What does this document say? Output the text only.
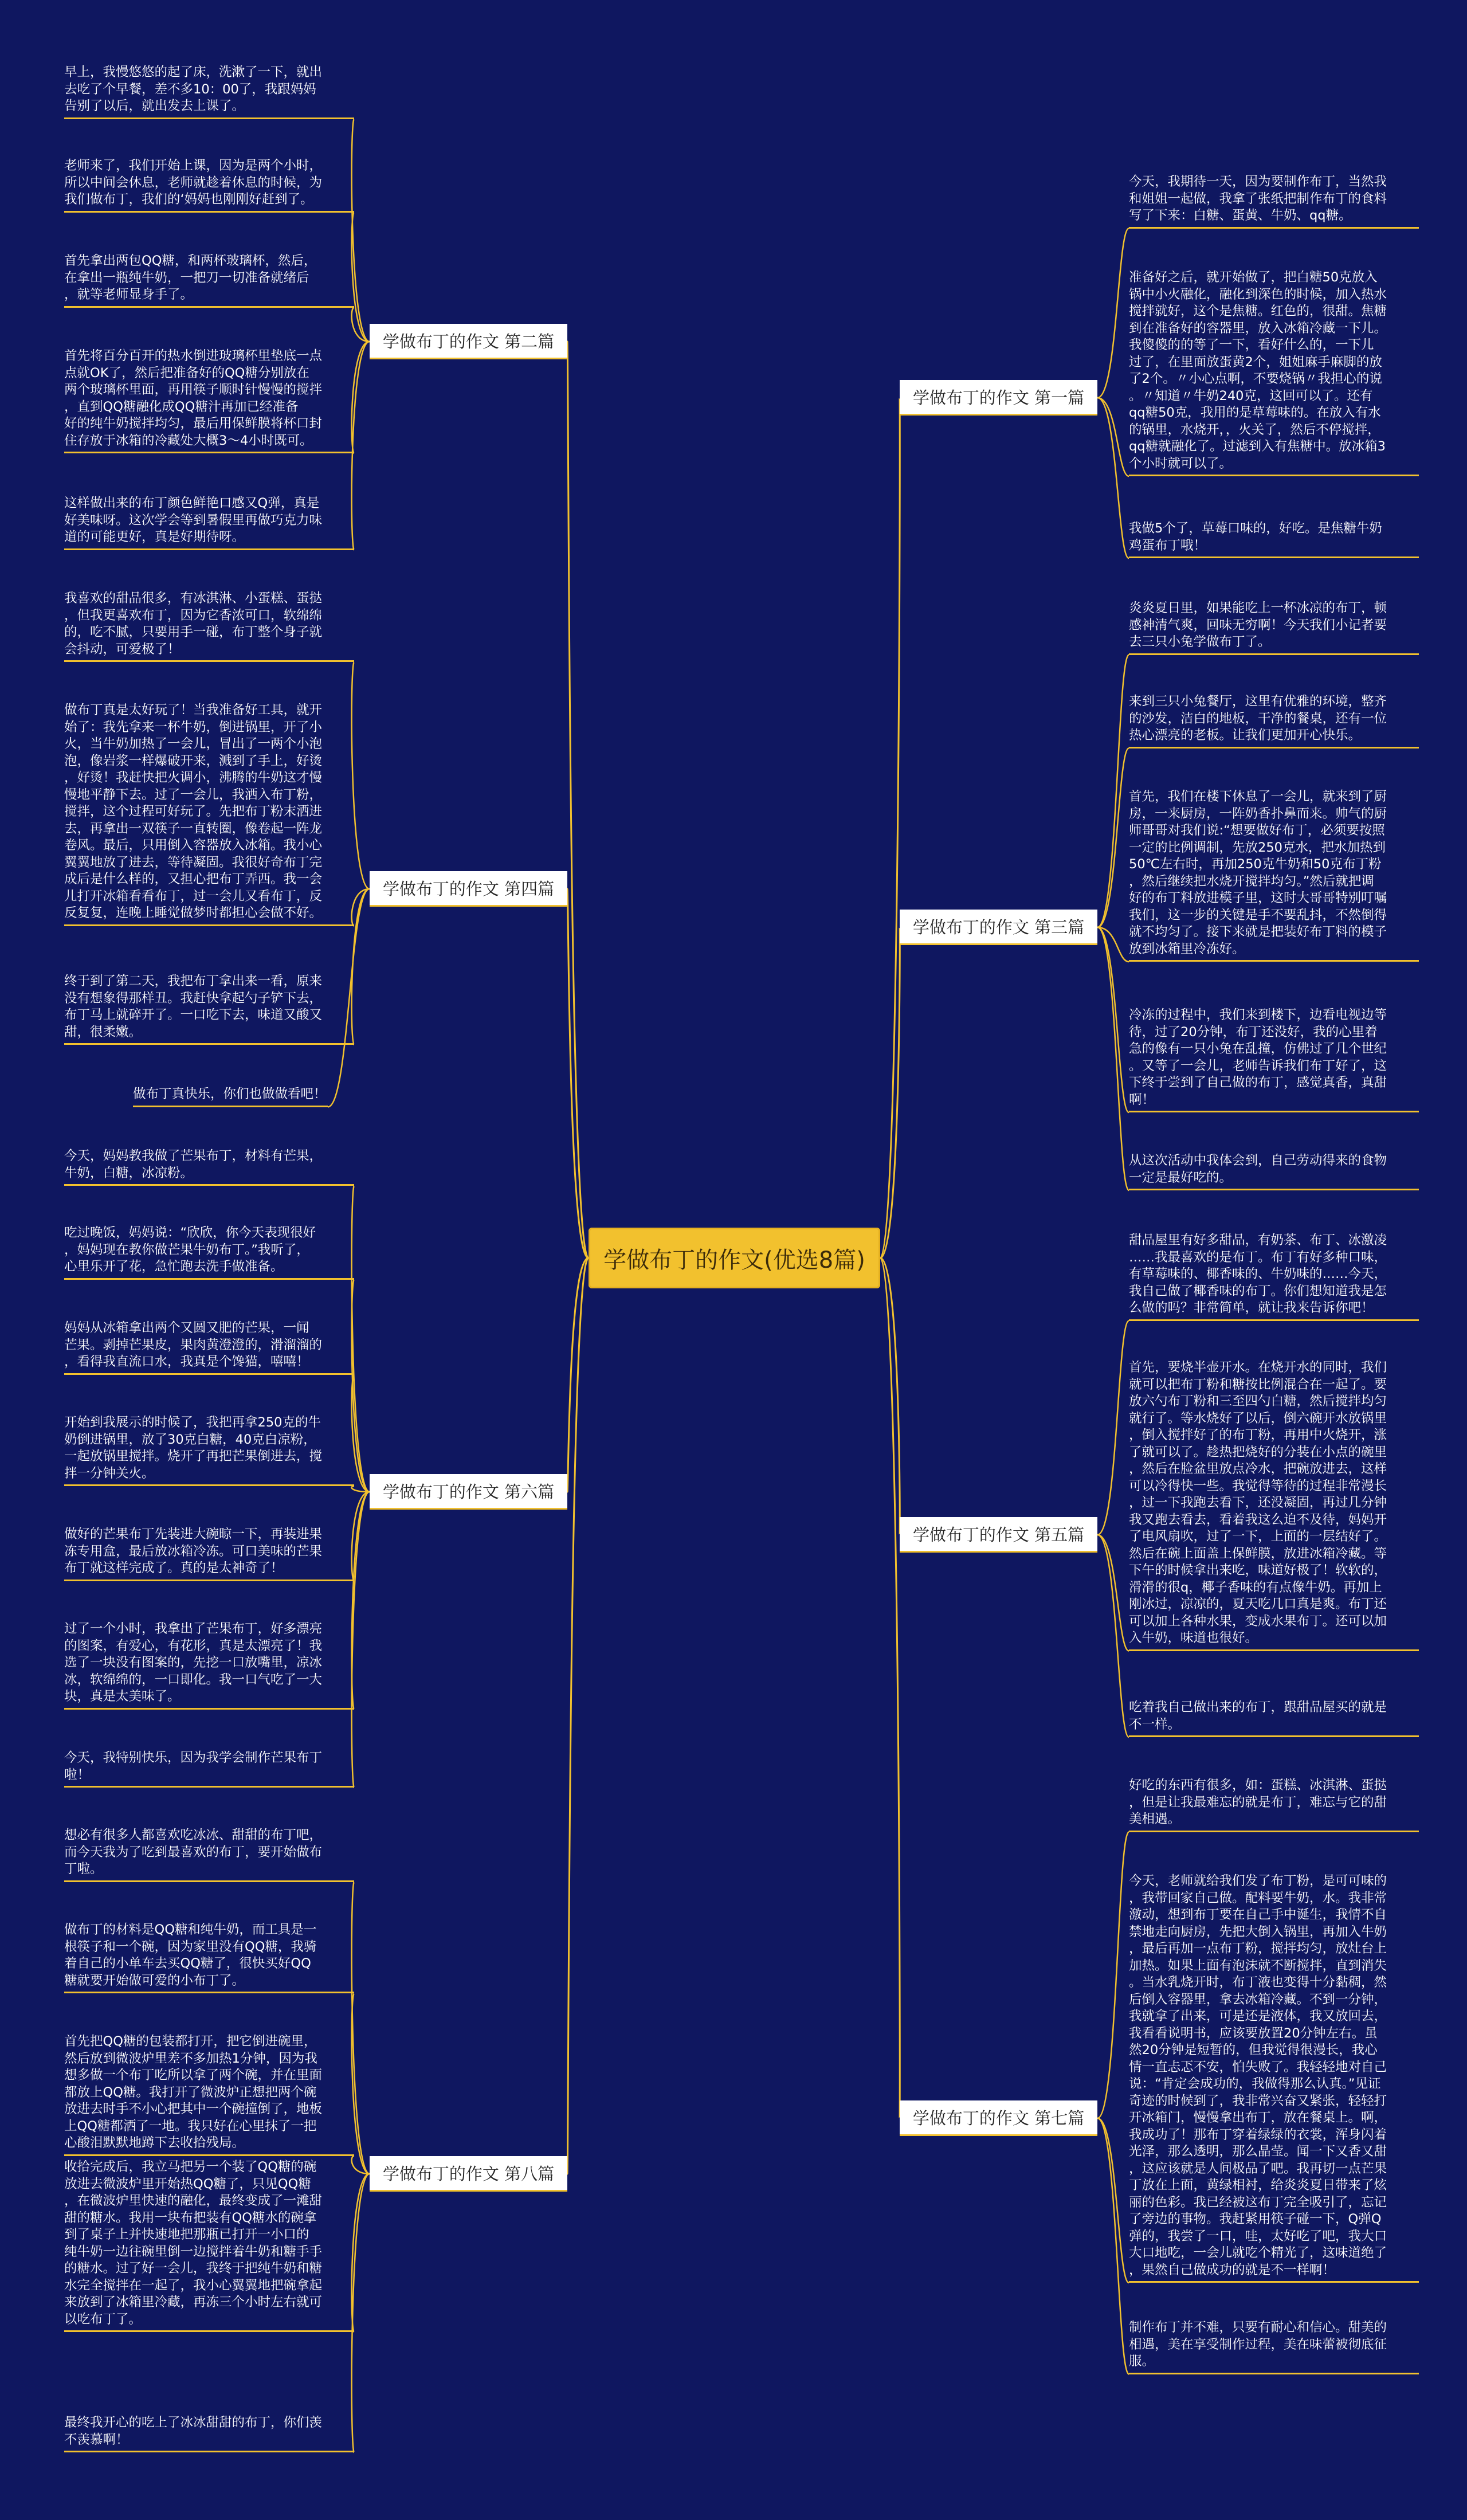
学做布丁的作文(优选8篇)
学做布丁的作文 第一篇
学做布丁的作文 第二篇
学做布丁的作文 第三篇
学做布丁的作文 第四篇
学做布丁的作文 第五篇
学做布丁的作文 第六篇
学做布丁的作文 第七篇
学做布丁的作文 第八篇
今天，我期待一天，因为要制作布丁，当然我
和姐姐一起做，我拿了张纸把制作布丁的食料
写了下来：白糖、蛋黄、牛奶、qq糖。
准备好之后，就开始做了，把白糖50克放入
锅中小火融化，融化到深色的时候，加入热水
搅拌就好，这个是焦糖。红色的，很甜。焦糖
到在准备好的容器里，放入冰箱冷藏一下儿。
我傻傻的的等了一下，看好什么的，一下儿
过了，在里面放蛋黄2个，姐姐麻手麻脚的放
了2个。〃小心点啊，不要烧锅〃我担心的说
。〃知道〃牛奶240克，这回可以了。还有
qq糖50克，我用的是草莓味的。在放入有水
的锅里，水烧开，，火关了，然后不停搅拌，
qq糖就融化了。过滤到入有焦糖中。放冰箱3
个小时就可以了。
我做5个了，草莓口味的，好吃。是焦糖牛奶
鸡蛋布丁哦！
炎炎夏日里，如果能吃上一杯冰凉的布丁，顿
感神清气爽，回味无穷啊！今天我们小记者要
去三只小兔学做布丁了。
来到三只小兔餐厅，这里有优雅的环境，整齐
的沙发，洁白的地板，干净的餐桌，还有一位
热心漂亮的老板。让我们更加开心快乐。
首先，我们在楼下休息了一会儿，就来到了厨
房，一来厨房，一阵奶香扑鼻而来。帅气的厨
师哥哥对我们说:“想要做好布丁，必须要按照
一定的比例调制，先放250克水，把水加热到
50℃左右时，再加250克牛奶和50克布丁粉
，然后继续把水烧开搅拌均匀。”然后就把调
好的布丁料放进模子里，这时大哥哥特别叮嘱
我们，这一步的关键是手不要乱抖，不然倒得
就不均匀了。接下来就是把装好布丁料的模子
放到冰箱里冷冻好。
冷冻的过程中，我们来到楼下，边看电视边等
待，过了20分钟，布丁还没好，我的心里着
急的像有一只小兔在乱撞，仿佛过了几个世纪
。又等了一会儿，老师告诉我们布丁好了，这
下终于尝到了自己做的布丁，感觉真香，真甜
啊！
从这次活动中我体会到，自己劳动得来的食物
一定是最好吃的。
甜品屋里有好多甜品，有奶茶、布丁、冰激凌
……我最喜欢的是布丁。布丁有好多种口味，
有草莓味的、椰香味的、牛奶味的……今天，
我自己做了椰香味的布丁。你们想知道我是怎
么做的吗？非常简单，就让我来告诉你吧！
首先，要烧半壶开水。在烧开水的同时，我们
就可以把布丁粉和糖按比例混合在一起了。要
放六勺布丁粉和三至四勺白糖，然后搅拌均匀
就行了。等水烧好了以后，倒六碗开水放锅里
，倒入搅拌好了的布丁粉，再用中火烧开，涨
了就可以了。趁热把烧好的分装在小点的碗里
，然后在脸盆里放点冷水，把碗放进去，这样
可以冷得快一些。我觉得等待的过程非常漫长
，过一下我跑去看下，还没凝固，再过几分钟
我又跑去看去，看着我这么迫不及待，妈妈开
了电风扇吹，过了一下，上面的一层结好了。
然后在碗上面盖上保鲜膜，放进冰箱冷藏。等
下午的时候拿出来吃，味道好极了！软软的，
滑滑的很q，椰子香味的有点像牛奶。再加上
刚冰过，凉凉的，夏天吃几口真是爽。布丁还
可以加上各种水果，变成水果布丁。还可以加
入牛奶，味道也很好。
吃着我自己做出来的布丁，跟甜品屋买的就是
不一样。
好吃的东西有很多，如：蛋糕、冰淇淋、蛋挞
，但是让我最难忘的就是布丁，难忘与它的甜
美相遇。
今天，老师就给我们发了布丁粉，是可可味的
，我带回家自己做。配料要牛奶，水。我非常
激动，想到布丁要在自己手中诞生，我情不自
禁地走向厨房，先把大倒入锅里，再加入牛奶
，最后再加一点布丁粉，搅拌均匀，放灶台上
加热。如果上面有泡沫就不断搅拌，直到消失
。当水乳烧开时，布丁液也变得十分黏稠，然
后倒入容器里，拿去冰箱冷藏。不到一分钟，
我就拿了出来，可是还是液体，我又放回去，
我看看说明书，应该要放置20分钟左右。虽
然20分钟是短暂的，但我觉得很漫长，我心
情一直忐忑不安，怕失败了。我轻轻地对自己
说：“肯定会成功的，我做得那么认真。”见证
奇迹的时候到了，我非常兴奋又紧张，轻轻打
开冰箱门，慢慢拿出布丁，放在餐桌上。啊，
我成功了！那布丁穿着绿绿的衣裳，浑身闪着
光泽，那么透明，那么晶莹。闻一下又香又甜
，这应该就是人间极品了吧。我再切一点芒果
丁放在上面，黄绿相衬，给炎炎夏日带来了炫
丽的色彩。我已经被这布丁完全吸引了，忘记
了旁边的事物。我赶紧用筷子碰一下，Q弹Q
弹的，我尝了一口，哇，太好吃了吧，我大口
大口地吃，一会儿就吃个精光了，这味道绝了
，果然自己做成功的就是不一样啊！
制作布丁并不难，只要有耐心和信心。甜美的
相遇，美在享受制作过程，美在味蕾被彻底征
服。
早上，我慢悠悠的起了床，洗漱了一下，就出
去吃了个早餐，差不多10：00了，我跟妈妈
告别了以后，就出发去上课了。
老师来了，我们开始上课，因为是两个小时，
所以中间会休息，老师就趁着休息的时候，为
我们做布丁，我们的‘妈妈也刚刚好赶到了。
首先拿出两包QQ糖，和两杯玻璃杯，然后，
在拿出一瓶纯牛奶，一把刀一切准备就绪后
，就等老师显身手了。
首先将百分百开的热水倒进玻璃杯里垫底一点
点就OK了，然后把准备好的QQ糖分别放在
两个玻璃杯里面，再用筷子顺时针慢慢的搅拌
，直到QQ糖融化成QQ糖汁再加已经准备
好的纯牛奶搅拌均匀，最后用保鲜膜将杯口封
住存放于冰箱的冷藏处大概3～4小时既可。
这样做出来的布丁颜色鲜艳口感又Q弹，真是
好美味呀。这次学会等到暑假里再做巧克力味
道的可能更好，真是好期待呀。
我喜欢的甜品很多，有冰淇淋、小蛋糕、蛋挞
，但我更喜欢布丁，因为它香浓可口，软绵绵
的，吃不腻，只要用手一碰，布丁整个身子就
会抖动，可爱极了！
做布丁真是太好玩了！当我准备好工具，就开
始了：我先拿来一杯牛奶，倒进锅里，开了小
火，当牛奶加热了一会儿，冒出了一两个小泡
泡，像岩浆一样爆破开来，溅到了手上，好烫
，好烫！我赶快把火调小，沸腾的牛奶这才慢
慢地平静下去。过了一会儿，我洒入布丁粉，
搅拌，这个过程可好玩了。先把布丁粉末洒进
去，再拿出一双筷子一直转圈，像卷起一阵龙
卷风。最后，只用倒入容器放入冰箱。我小心
翼翼地放了进去，等待凝固。我很好奇布丁完
成后是什么样的，又担心把布丁弄西。我一会
儿打开冰箱看看布丁，过一会儿又看布丁，反
反复复，连晚上睡觉做梦时都担心会做不好。
终于到了第二天，我把布丁拿出来一看，原来
没有想象得那样丑。我赶快拿起勺子铲下去，
布丁马上就碎开了。一口吃下去，味道又酸又
甜，很柔嫩。
做布丁真快乐，你们也做做看吧！
今天，妈妈教我做了芒果布丁，材料有芒果，
牛奶，白糖，冰凉粉。
吃过晚饭，妈妈说：“欣欣，你今天表现很好
，妈妈现在教你做芒果牛奶布丁。”我听了，
心里乐开了花，急忙跑去洗手做准备。
妈妈从冰箱拿出两个又圆又肥的芒果，一闻
芒果。剥掉芒果皮，果肉黄澄澄的，滑溜溜的
，看得我直流口水，我真是个馋猫，嘻嘻！
开始到我展示的时候了，我把再拿250克的牛
奶倒进锅里，放了30克白糖，40克白凉粉，
一起放锅里搅拌。烧开了再把芒果倒进去，搅
拌一分钟关火。
做好的芒果布丁先装进大碗晾一下，再装进果
冻专用盒，最后放冰箱冷冻。可口美味的芒果
布丁就这样完成了。真的是太神奇了！
过了一个小时，我拿出了芒果布丁，好多漂亮
的图案，有爱心，有花形，真是太漂亮了！我
选了一块没有图案的，先挖一口放嘴里，凉冰
冰，软绵绵的，一口即化。我一口气吃了一大
块，真是太美味了。
今天，我特别快乐，因为我学会制作芒果布丁
啦！
想必有很多人都喜欢吃冰冰、甜甜的布丁吧，
而今天我为了吃到最喜欢的布丁，要开始做布
丁啦。
做布丁的材料是QQ糖和纯牛奶，而工具是一
根筷子和一个碗，因为家里没有QQ糖，我骑
着自己的小单车去买QQ糖了，很快买好QQ
糖就要开始做可爱的小布丁了。
首先把QQ糖的包装都打开，把它倒进碗里，
然后放到微波炉里差不多加热1分钟，因为我
想多做一个布丁吃所以拿了两个碗，并在里面
都放上QQ糖。我打开了微波炉正想把两个碗
放进去时手不小心把其中一个碗撞倒了，地板
上QQ糖都洒了一地。我只好在心里抹了一把
心酸泪默默地蹲下去收拾残局。
收拾完成后，我立马把另一个装了QQ糖的碗
放进去微波炉里开始热QQ糖了，只见QQ糖
，在微波炉里快速的融化，最终变成了一滩甜
甜的糖水。我用一块布把装有QQ糖水的碗拿
到了桌子上并快速地把那瓶已打开一小口的
纯牛奶一边往碗里倒一边搅拌着牛奶和糖手手
的糖水。过了好一会儿，我终于把纯牛奶和糖
水完全搅拌在一起了，我小心翼翼地把碗拿起
来放到了冰箱里冷藏，再冻三个小时左右就可
以吃布丁了。
最终我开心的吃上了冰冰甜甜的布丁，你们羡
不羡慕啊！
